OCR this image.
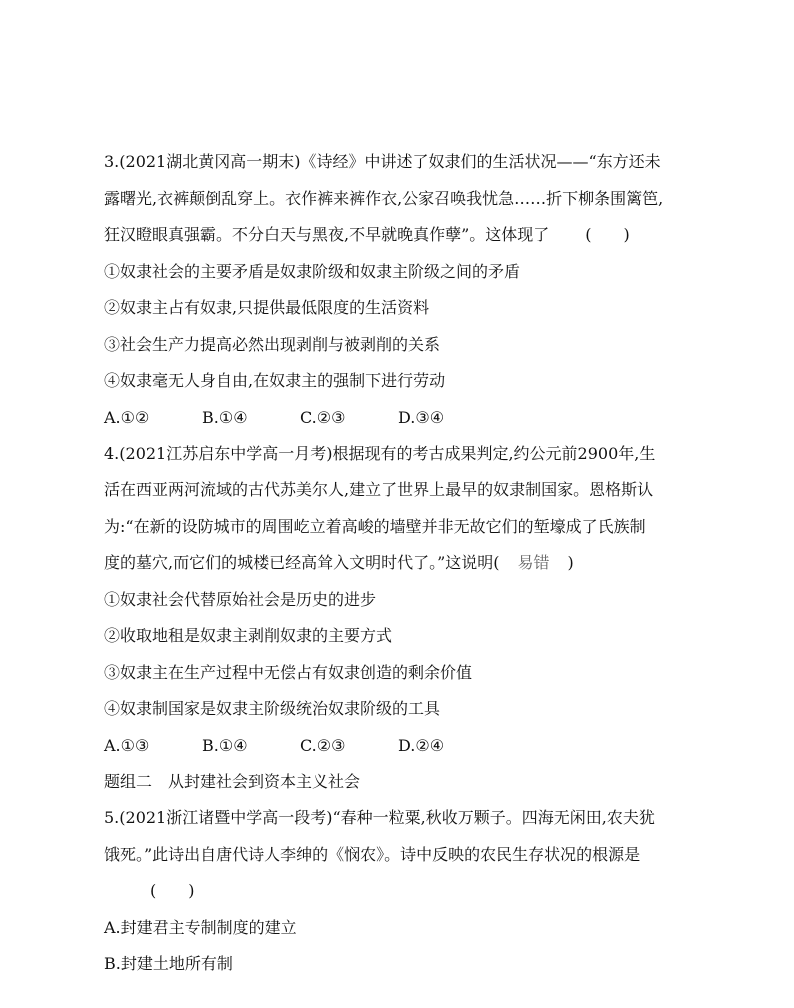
3.(2021湖北黄冈高一期末)《诗经》中讲述了奴隶们的生活状况——“东方还未
露曙光,衣裤颠倒乱穿上。衣作裤来裤作衣,公家召唤我忧急……折下柳条围篱笆,
狂汉瞪眼真强霸。不分白天与黑夜,不早就晚真作孽”。这体现了 (　　)
①奴隶社会的主要矛盾是奴隶阶级和奴隶主阶级之间的矛盾
②奴隶主占有奴隶,只提供最低限度的生活资料
③社会生产力提高必然出现剥削与被剥削的关系
④奴隶毫无人身自由,在奴隶主的强制下进行劳动
A.①②	B.①④	C.②③	D.③④
4.(2021江苏启东中学高一月考)根据现有的考古成果判定,约公元前2900年,生
活在西亚两河流域的古代苏美尔人,建立了世界上最早的奴隶制国家。恩格斯认
为:“在新的设防城市的周围屹立着高峻的墙壁并非无故它们的堑壕成了氏族制
度的墓穴,而它们的城楼已经高耸入文明时代了。”这说明( 易错 )
①奴隶社会代替原始社会是历史的进步
②收取地租是奴隶主剥削奴隶的主要方式
③奴隶主在生产过程中无偿占有奴隶创造的剩余价值
④奴隶制国家是奴隶主阶级统治奴隶阶级的工具
A.①③	B.①④	C.②③	D.②④
题组二　从封建社会到资本主义社会
5.(2021浙江诸暨中学高一段考)“春种一粒粟,秋收万颗子。四海无闲田,农夫犹
饿死。”此诗出自唐代诗人李绅的《悯农》。诗中反映的农民生存状况的根源是
(　　)
A.封建君主专制制度的建立
B.封建土地所有制
